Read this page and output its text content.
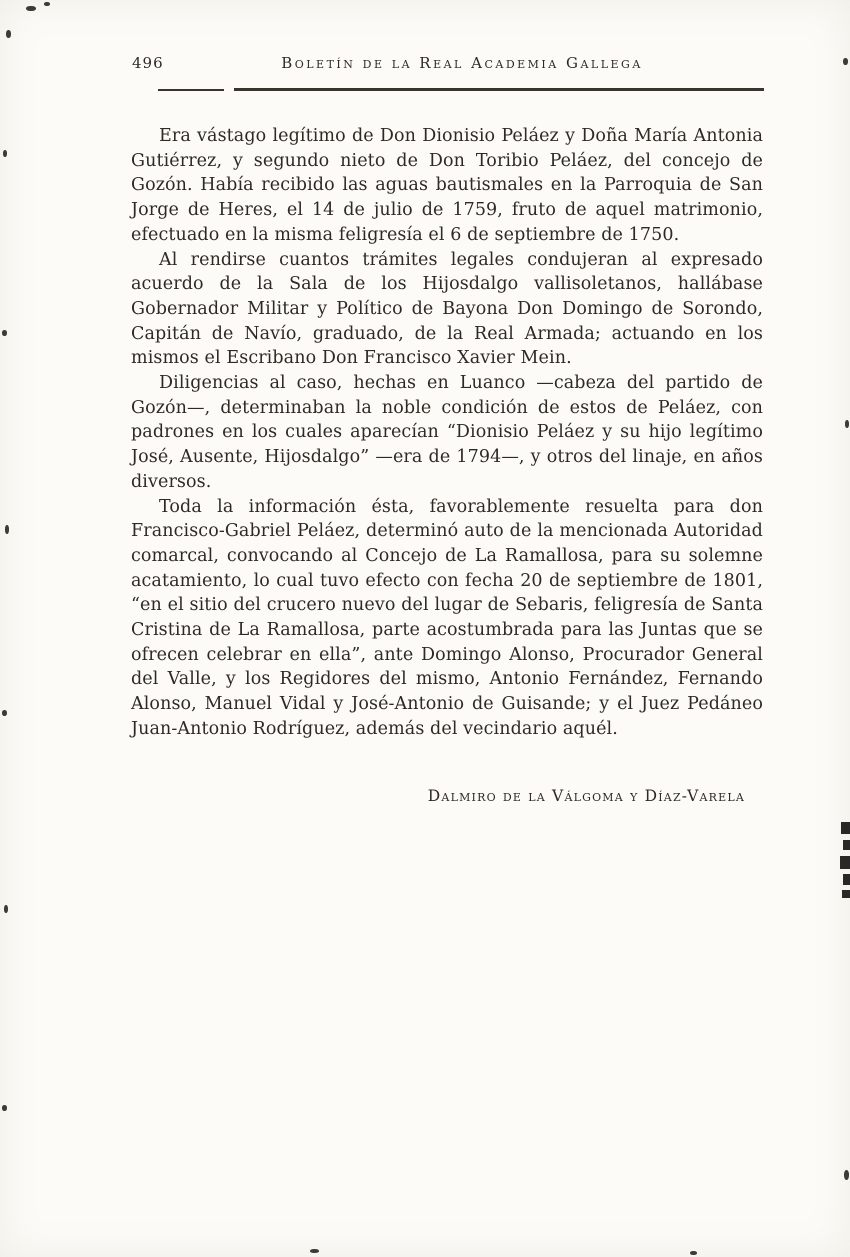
496	Boletín de la Real Academia Gallega

Era vástago legítimo de Don Dionisio Peláez y Doña María Antonia Gutiérrez, y segundo nieto de Don Toribio Peláez, del concejo de Gozón. Había recibido las aguas bautismales en la Parroquia de San Jorge de Heres, el 14 de julio de 1759, fruto de aquel matrimonio, efectuado en la misma feligresía el 6 de septiembre de 1750.

Al rendirse cuantos trámites legales condujeran al expresado acuerdo de la Sala de los Hijosdalgo vallisoletanos, hallábase Gobernador Militar y Político de Bayona Don Domingo de Sorondo, Capitán de Navío, graduado, de la Real Armada; actuando en los mismos el Escribano Don Francisco Xavier Mein.

Diligencias al caso, hechas en Luanco —cabeza del partido de Gozón—, determinaban la noble condición de estos de Peláez, con padrones en los cuales aparecían “Dionisio Peláez y su hijo legítimo José, Ausente, Hijosdalgo” —era de 1794—, y otros del linaje, en años diversos.

Toda la información ésta, favorablemente resuelta para don Francisco-Gabriel Peláez, determinó auto de la mencionada Autoridad comarcal, convocando al Concejo de La Ramallosa, para su solemne acatamiento, lo cual tuvo efecto con fecha 20 de septiembre de 1801, “en el sitio del crucero nuevo del lugar de Sebaris, feligresía de Santa Cristina de La Ramallosa, parte acostumbrada para las Juntas que se ofrecen celebrar en ella”, ante Domingo Alonso, Procurador General del Valle, y los Regidores del mismo, Antonio Fernández, Fernando Alonso, Manuel Vidal y José-Antonio de Guisande; y el Juez Pedáneo Juan-Antonio Rodríguez, además del vecindario aquél.

Dalmiro de la Válgoma y Díaz-Varela
